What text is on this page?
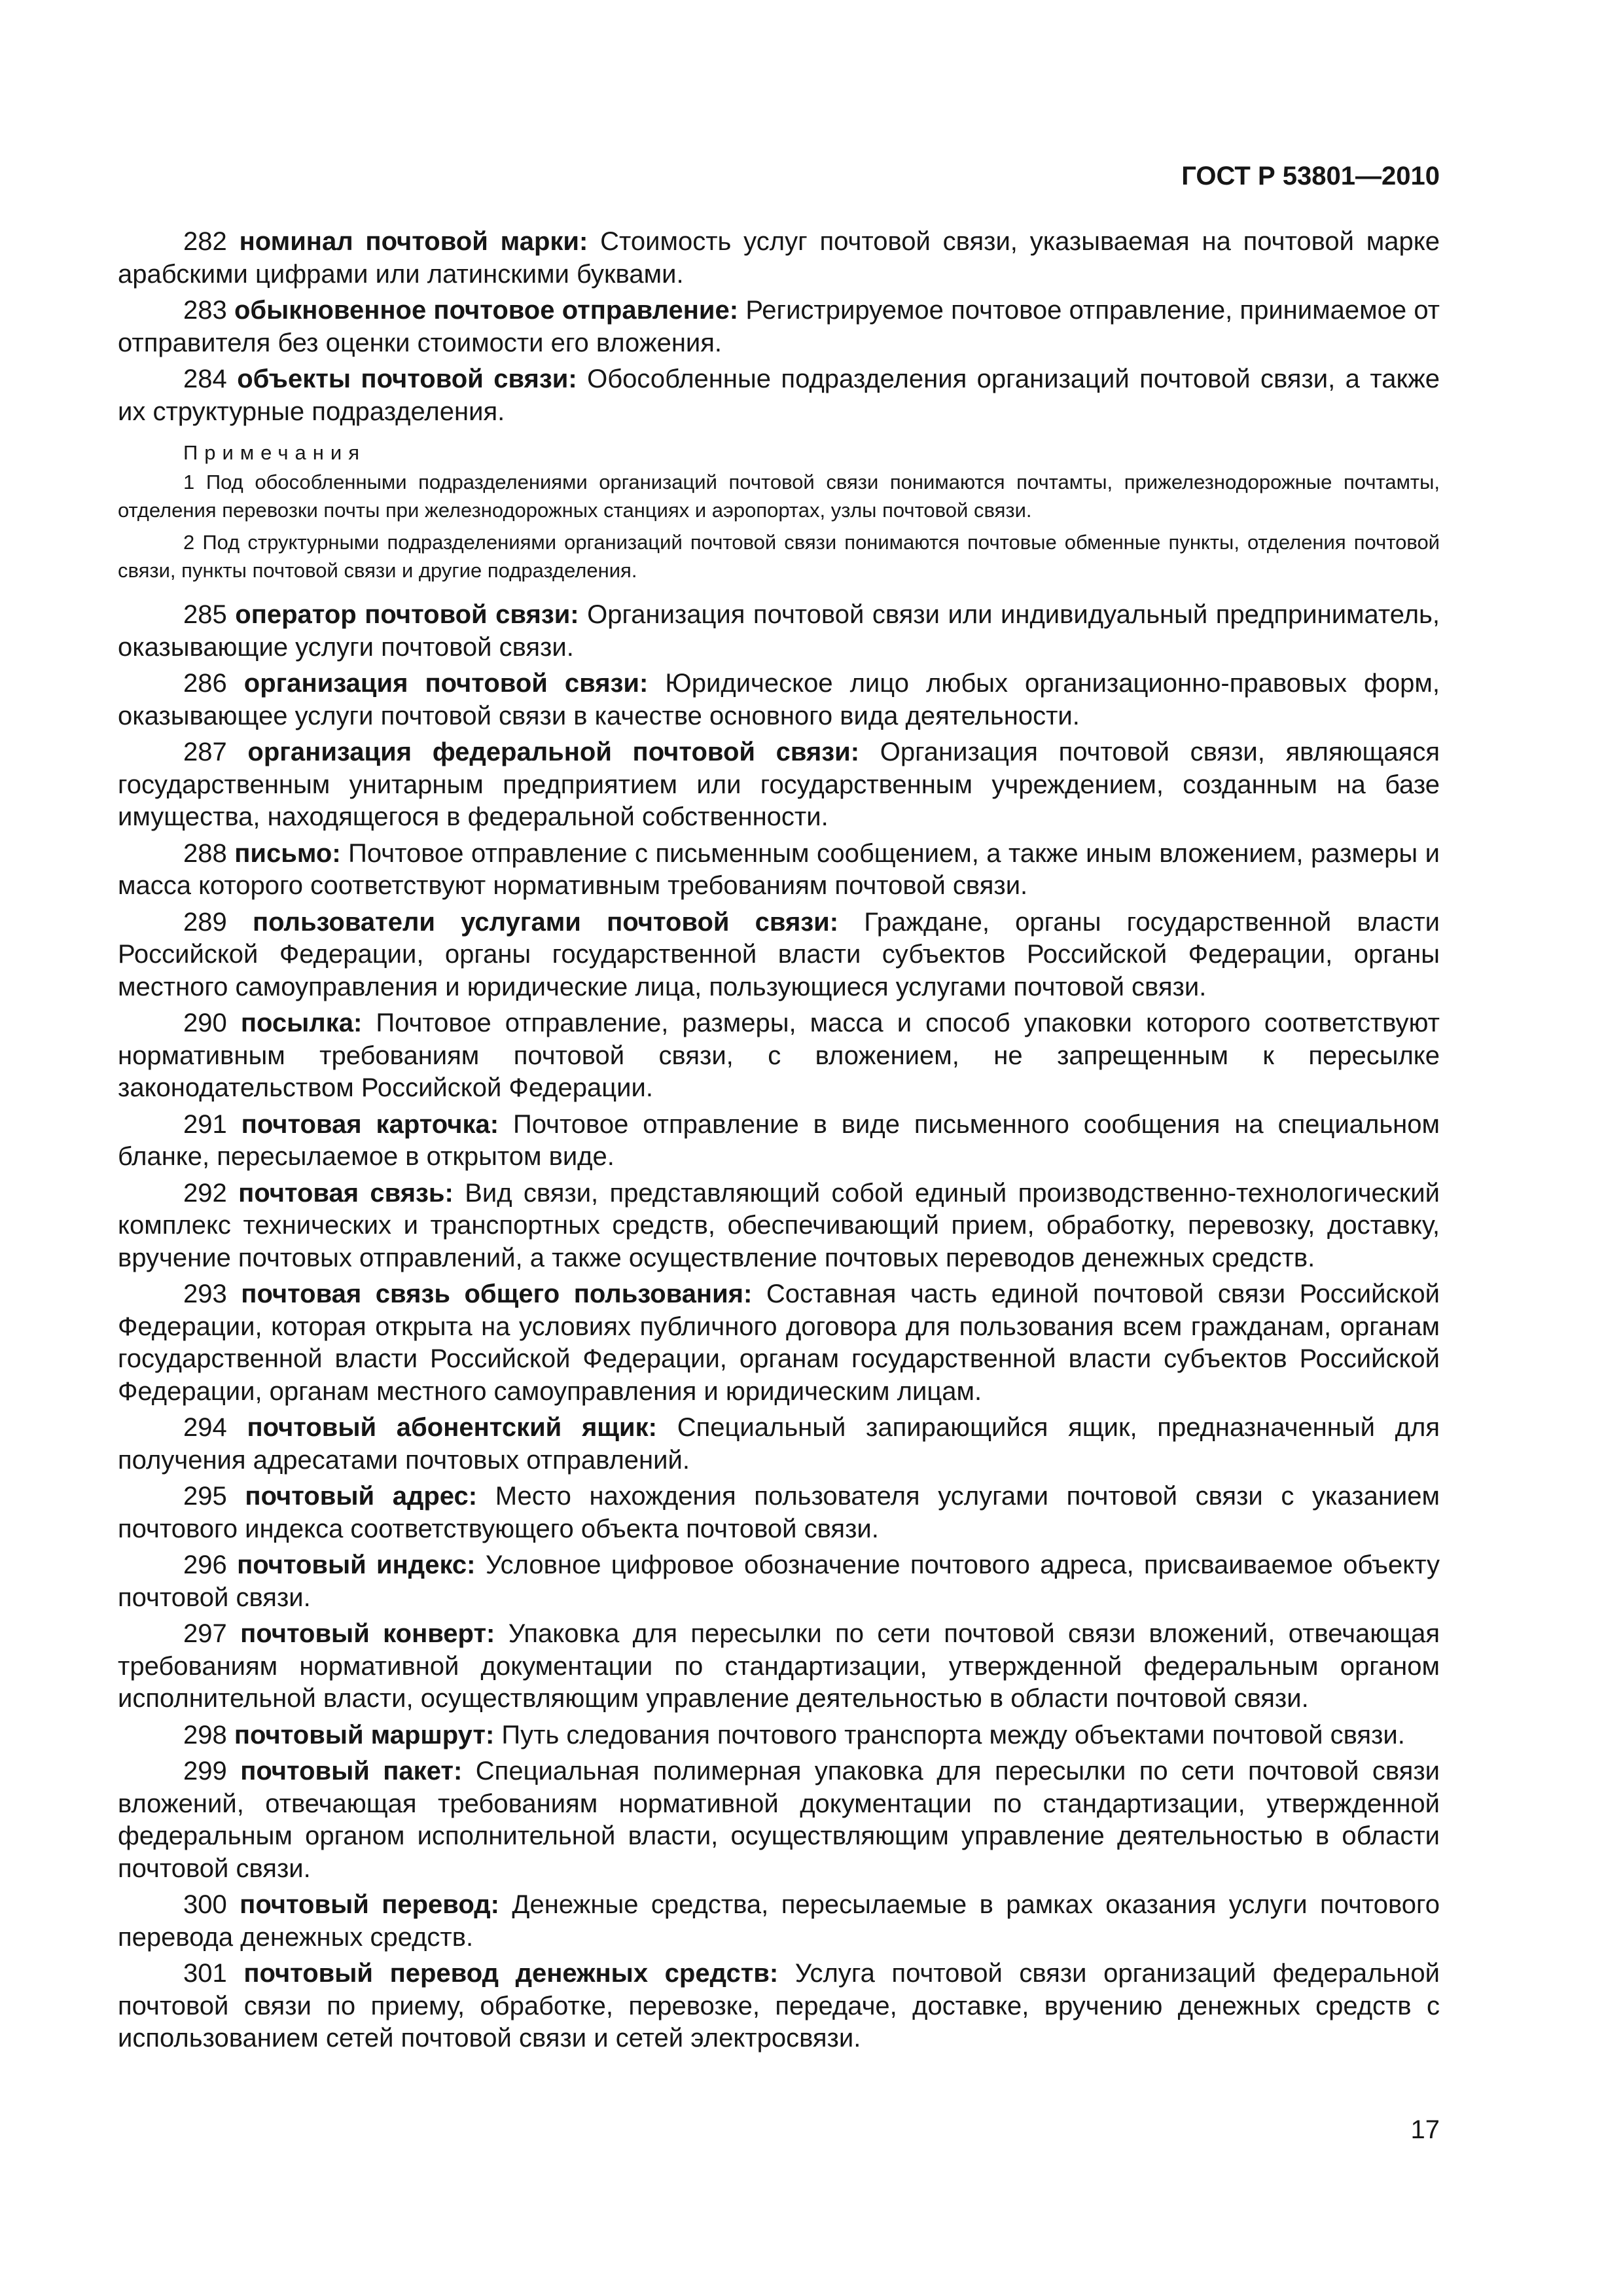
ГОСТ Р 53801—2010

282 номинал почтовой марки: Стоимость услуг почтовой связи, указываемая на почтовой марке арабскими цифрами или латинскими буквами.

283 обыкновенное почтовое отправление: Регистрируемое почтовое отправление, принимаемое от отправителя без оценки стоимости его вложения.

284 объекты почтовой связи: Обособленные подразделения организаций почтовой связи, а также их структурные подразделения.

Примечания
1 Под обособленными подразделениями организаций почтовой связи понимаются почтамты, прижелезнодорожные почтамты, отделения перевозки почты при железнодорожных станциях и аэропортах, узлы почтовой связи.
2 Под структурными подразделениями организаций почтовой связи понимаются почтовые обменные пункты, отделения почтовой связи, пункты почтовой связи и другие подразделения.

285 оператор почтовой связи: Организация почтовой связи или индивидуальный предприниматель, оказывающие услуги почтовой связи.

286 организация почтовой связи: Юридическое лицо любых организационно-правовых форм, оказывающее услуги почтовой связи в качестве основного вида деятельности.

287 организация федеральной почтовой связи: Организация почтовой связи, являющаяся государственным унитарным предприятием или государственным учреждением, созданным на базе имущества, находящегося в федеральной собственности.

288 письмо: Почтовое отправление с письменным сообщением, а также иным вложением, размеры и масса которого соответствуют нормативным требованиям почтовой связи.

289 пользователи услугами почтовой связи: Граждане, органы государственной власти Российской Федерации, органы государственной власти субъектов Российской Федерации, органы местного самоуправления и юридические лица, пользующиеся услугами почтовой связи.

290 посылка: Почтовое отправление, размеры, масса и способ упаковки которого соответствуют нормативным требованиям почтовой связи, с вложением, не запрещенным к пересылке законодательством Российской Федерации.

291 почтовая карточка: Почтовое отправление в виде письменного сообщения на специальном бланке, пересылаемое в открытом виде.

292 почтовая связь: Вид связи, представляющий собой единый производственно-технологический комплекс технических и транспортных средств, обеспечивающий прием, обработку, перевозку, доставку, вручение почтовых отправлений, а также осуществление почтовых переводов денежных средств.

293 почтовая связь общего пользования: Составная часть единой почтовой связи Российской Федерации, которая открыта на условиях публичного договора для пользования всем гражданам, органам государственной власти Российской Федерации, органам государственной власти субъектов Российской Федерации, органам местного самоуправления и юридическим лицам.

294 почтовый абонентский ящик: Специальный запирающийся ящик, предназначенный для получения адресатами почтовых отправлений.

295 почтовый адрес: Место нахождения пользователя услугами почтовой связи с указанием почтового индекса соответствующего объекта почтовой связи.

296 почтовый индекс: Условное цифровое обозначение почтового адреса, присваиваемое объекту почтовой связи.

297 почтовый конверт: Упаковка для пересылки по сети почтовой связи вложений, отвечающая требованиям нормативной документации по стандартизации, утвержденной федеральным органом исполнительной власти, осуществляющим управление деятельностью в области почтовой связи.

298 почтовый маршрут: Путь следования почтового транспорта между объектами почтовой связи.

299 почтовый пакет: Специальная полимерная упаковка для пересылки по сети почтовой связи вложений, отвечающая требованиям нормативной документации по стандартизации, утвержденной федеральным органом исполнительной власти, осуществляющим управление деятельностью в области почтовой связи.

300 почтовый перевод: Денежные средства, пересылаемые в рамках оказания услуги почтового перевода денежных средств.

301 почтовый перевод денежных средств: Услуга почтовой связи организаций федеральной почтовой связи по приему, обработке, перевозке, передаче, доставке, вручению денежных средств с использованием сетей почтовой связи и сетей электросвязи.

17
